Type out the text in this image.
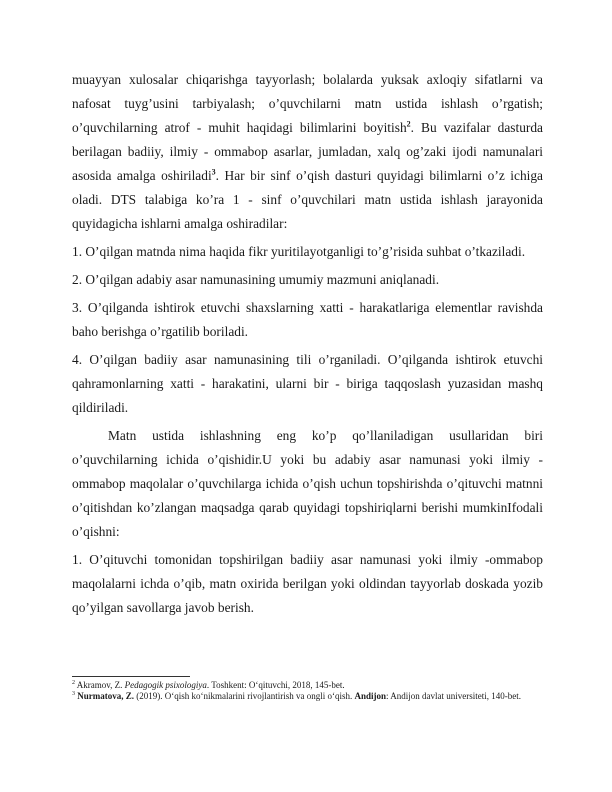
muayyan xulosalar chiqarishga tayyorlash; bolalarda yuksak axloqiy sifatlarni va nafosat tuyg’usini tarbiyalash; o’quvchilarni matn ustida ishlash o’rgatish; o’quvchilarning atrof - muhit haqidagi bilimlarini boyitish$^2$. Bu vazifalar dasturda berilagan badiiy, ilmiy - ommabop asarlar, jumladan, xalq og’zaki ijodi namunalari asosida amalga oshiriladi$^3$. Har bir sinf o’qish dasturi quyidagi bilimlarni o’z ichiga oladi. DTS talabiga ko’ra 1 - sinf o’quvchilari matn ustida ishlash jarayonida quyidagicha ishlarni amalga oshiradilar:

1. O’qilgan matnda nima haqida fikr yuritilayotganligi to’g’risida suhbat o’tkaziladi.

2. O’qilgan adabiy asar namunasining umumiy mazmuni aniqlanadi.

3. O’qilganda ishtirok etuvchi shaxslarning xatti - harakatlariga elementlar ravishda baho berishga o’rgatilib boriladi.

4. O’qilgan badiiy asar namunasining tili o’rganiladi. O’qilganda ishtirok etuvchi qahramonlarning xatti - harakatini, ularni bir - biriga taqqoslash yuzasidan mashq qildiriladi.

Matn ustida ishlashning eng ko’p qo’llaniladigan usullaridan biri o’quvchilarning ichida o’qishidir.U yoki bu adabiy asar namunasi yoki ilmiy - ommabop maqolalar o’quvchilarga ichida o’qish uchun topshirishda o’qituvchi matnni o’qitishdan ko’zlangan maqsadga qarab quyidagi topshiriqlarni berishi mumkinIfodali o’qishni:

1. O’qituvchi tomonidan topshirilgan badiiy asar namunasi yoki ilmiy -ommabop maqolalarni ichda o’qib, matn oxirida berilgan yoki oldindan tayyorlab doskada yozib qo’yilgan savollarga javob berish.

$^2$ Akramov, Z. Pedagogik psixologiya. Toshkent: O‘qituvchi, 2018, 145-bet.
$^3$ Nurmatova, Z. (2019). O‘qish ko‘nikmalarini rivojlantirish va ongli o‘qish. Andijon: Andijon davlat universiteti, 140-bet.
